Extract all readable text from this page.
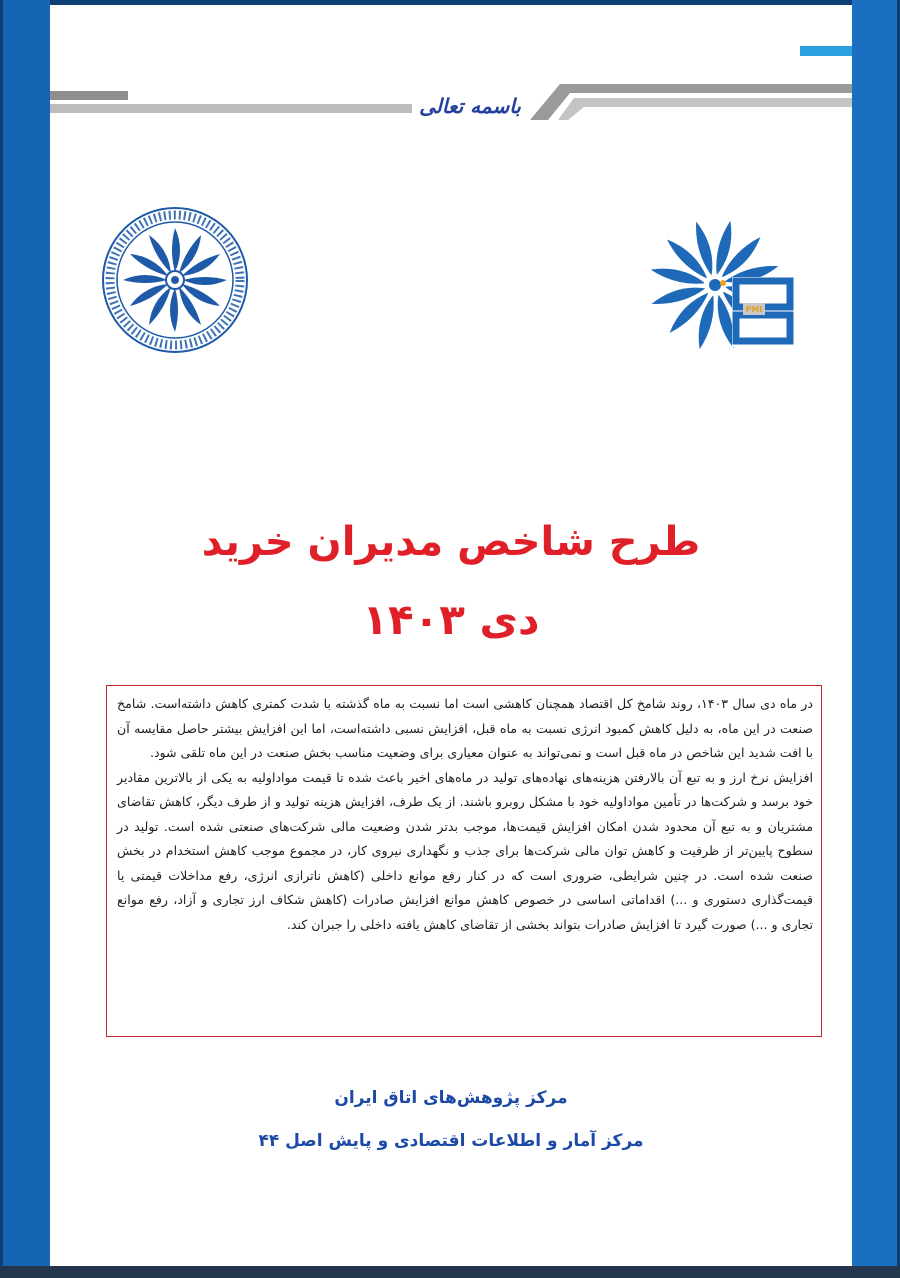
باسمه تعالی
PMI
طرح شاخص مدیران خرید
دی ۱۴۰۳

در ماه دی سال ۱۴۰۳، روند شامخ کل اقتصاد همچنان کاهشی است اما نسبت به ماه گذشته با شدت کمتری کاهش داشته‌است. شامخ صنعت در این ماه، به دلیل کاهش کمبود انرژی نسبت به ماه قبل، افزایش نسبی داشته‌است، اما این افزایش بیشتر حاصل مقایسه آن با افت شدید این شاخص در ماه قبل است و نمی‌تواند به عنوان معیاری برای وضعیت مناسب بخش صنعت در این ماه تلقی شود.

افزایش نرخ ارز و به تبع آن بالارفتن هزینه‌های نهاده‌های تولید در ماه‌های اخیر باعث شده تا قیمت مواداولیه به یکی از بالاترین مقادیر خود برسد و شرکت‌ها در تأمین مواداولیه خود با مشکل روبرو باشند. از یک طرف، افزایش هزینه تولید و از طرف دیگر، کاهش تقاضای مشتریان و به تبع آن محدود شدن امکان افزایش قیمت‌ها، موجب بدتر شدن وضعیت مالی شرکت‌های صنعتی شده است. تولید در سطوح پایین‌تر از ظرفیت و کاهش توان مالی شرکت‌ها برای جذب و نگهداری نیروی کار، در مجموع موجب کاهش استخدام در بخش صنعت شده است. در چنین شرایطی، ضروری است که در کنار رفع موانع داخلی (کاهش ناترازی انرژی، رفع مداخلات قیمتی یا قیمت‌گذاری دستوری و ...) اقداماتی اساسی در خصوص کاهش موانع افزایش صادرات (کاهش شکاف ارز تجاری و آزاد، رفع موانع تجاری و ...) صورت گیرد تا افزایش صادرات بتواند بخشی از تقاضای کاهش یافته داخلی را جبران کند.

مرکز پژوهش‌های اتاق ایران
مرکز آمار و اطلاعات اقتصادی و پایش اصل ۴۴
